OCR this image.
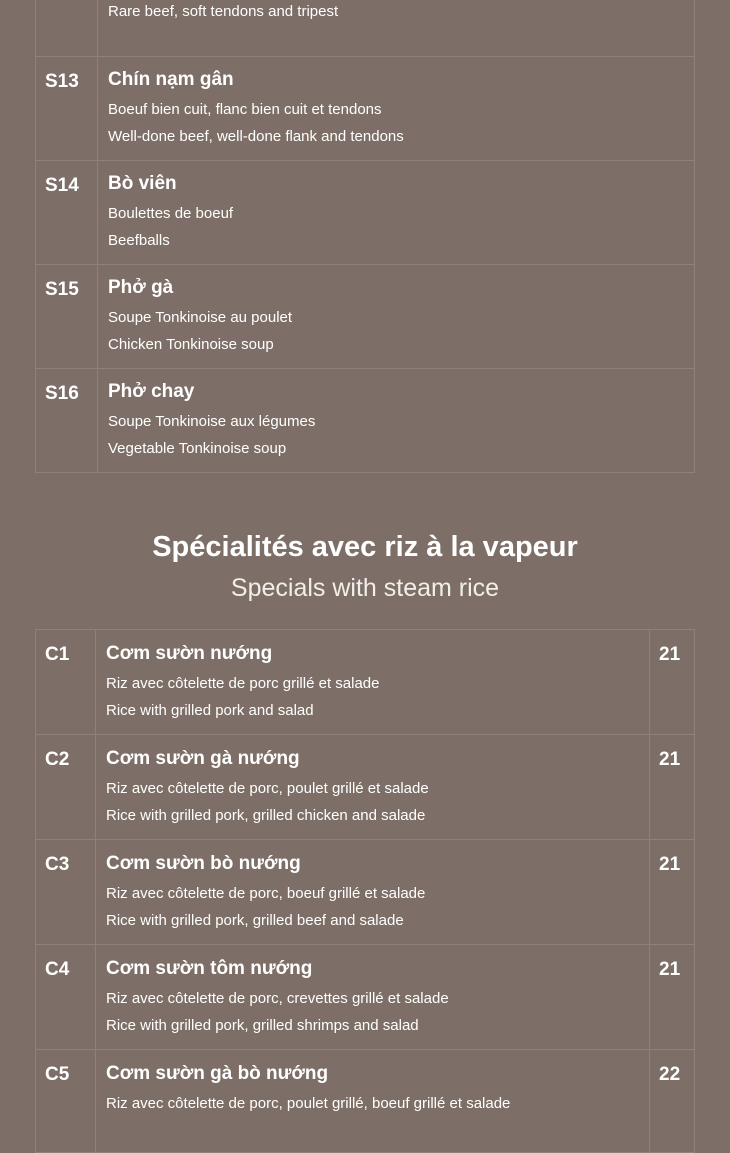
	Rare beef, soft tendons and tripest

S13	Chín nạm gân
Boeuf bien cuit, flanc bien cuit et tendons
Well-done beef, well-done flank and tendons

S14	Bò viên
Boulettes de boeuf
Beefballs

S15	Phở gà
Soupe Tonkinoise au poulet
Chicken Tonkinoise soup

S16	Phở chay
Soupe Tonkinoise aux légumes
Vegetable Tonkinoise soup
Spécialités avec riz à la vapeur
Specials with steam rice
C1	Cơm sườn nướng
Riz avec côtelette de porc grillé et salade
Rice with grilled pork and salad	21
C2	Cơm sườn gà nướng
Riz avec côtelette de porc, poulet grillé et salade
Rice with grilled pork, grilled chicken and salade	21
C3	Cơm sườn bò nướng
Riz avec côtelette de porc, boeuf grillé et salade
Rice with grilled pork, grilled beef and salade	21
C4	Cơm sườn tôm nướng
Riz avec côtelette de porc, crevettes grillé et salade
Rice with grilled pork, grilled shrimps and salad	21
C5	Cơm sườn gà bò nướng
Riz avec côtelette de porc, poulet grillé, boeuf grillé et salade	22
